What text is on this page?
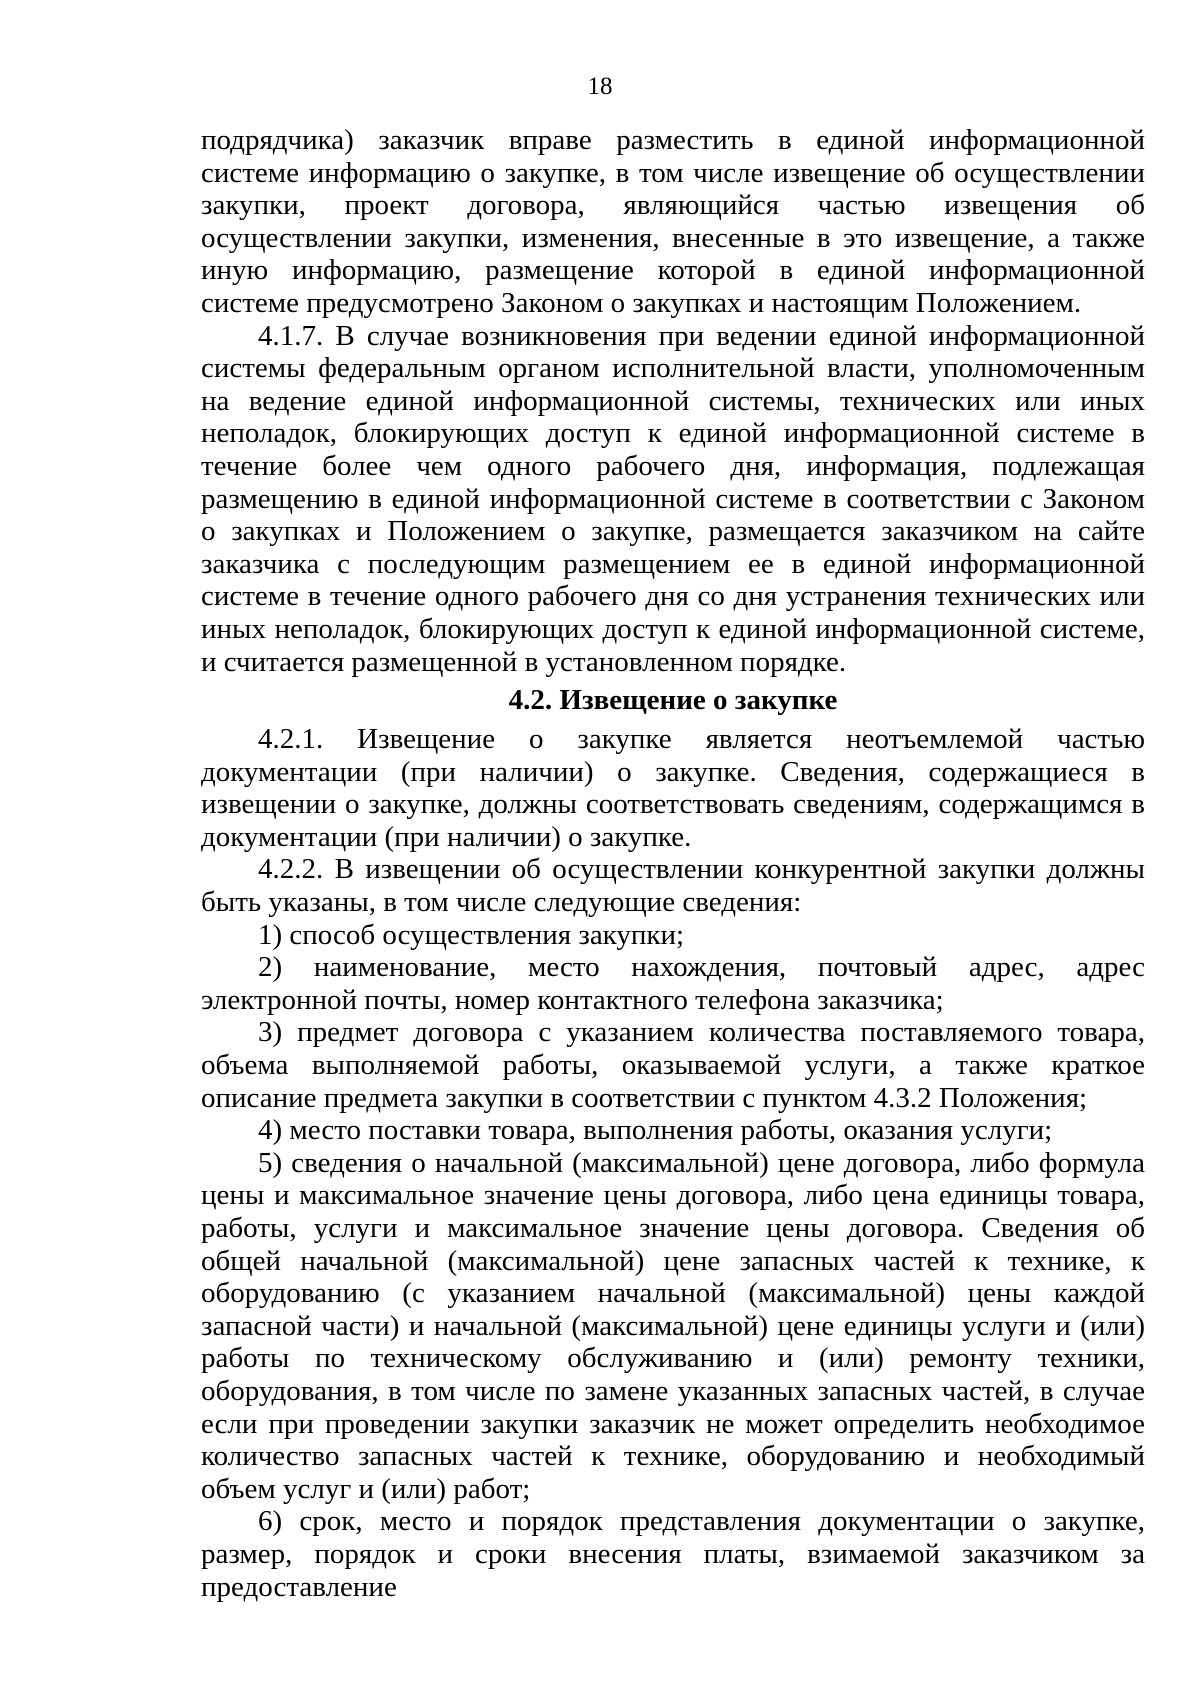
18

подрядчика) заказчик вправе разместить в единой информационной системе информацию о закупке, в том числе извещение об осуществлении закупки, проект договора, являющийся частью извещения об осуществлении закупки, изменения, внесенные в это извещение, а также иную информацию, размещение которой в единой информационной системе предусмотрено Законом о закупках и настоящим Положением.

4.1.7. В случае возникновения при ведении единой информационной системы федеральным органом исполнительной власти, уполномоченным на ведение единой информационной системы, технических или иных неполадок, блокирующих доступ к единой информационной системе в течение более чем одного рабочего дня, информация, подлежащая размещению в единой информационной системе в соответствии с Законом о закупках и Положением о закупке, размещается заказчиком на сайте заказчика с последующим размещением ее в единой информационной системе в течение одного рабочего дня со дня устранения технических или иных неполадок, блокирующих доступ к единой информационной системе, и считается размещенной в установленном порядке.

4.2. Извещение о закупке

4.2.1. Извещение о закупке является неотъемлемой частью документации (при наличии) о закупке. Сведения, содержащиеся в извещении о закупке, должны соответствовать сведениям, содержащимся в документации (при наличии) о закупке.

4.2.2. В извещении об осуществлении конкурентной закупки должны быть указаны, в том числе следующие сведения:

1) способ осуществления закупки;

2) наименование, место нахождения, почтовый адрес, адрес электронной почты, номер контактного телефона заказчика;

3) предмет договора с указанием количества поставляемого товара, объема выполняемой работы, оказываемой услуги, а также краткое описание предмета закупки в соответствии с пунктом 4.3.2 Положения;

4) место поставки товара, выполнения работы, оказания услуги;

5) сведения о начальной (максимальной) цене договора, либо формула цены и максимальное значение цены договора, либо цена единицы товара, работы, услуги и максимальное значение цены договора. Сведения об общей начальной (максимальной) цене запасных частей к технике, к оборудованию (с указанием начальной (максимальной) цены каждой запасной части) и начальной (максимальной) цене единицы услуги и (или) работы по техническому обслуживанию и (или) ремонту техники, оборудования, в том числе по замене указанных запасных частей, в случае если при проведении закупки заказчик не может определить необходимое количество запасных частей к технике, оборудованию и необходимый объем услуг и (или) работ;

6) срок, место и порядок представления документации о закупке, размер, порядок и сроки внесения платы, взимаемой заказчиком за предоставление
